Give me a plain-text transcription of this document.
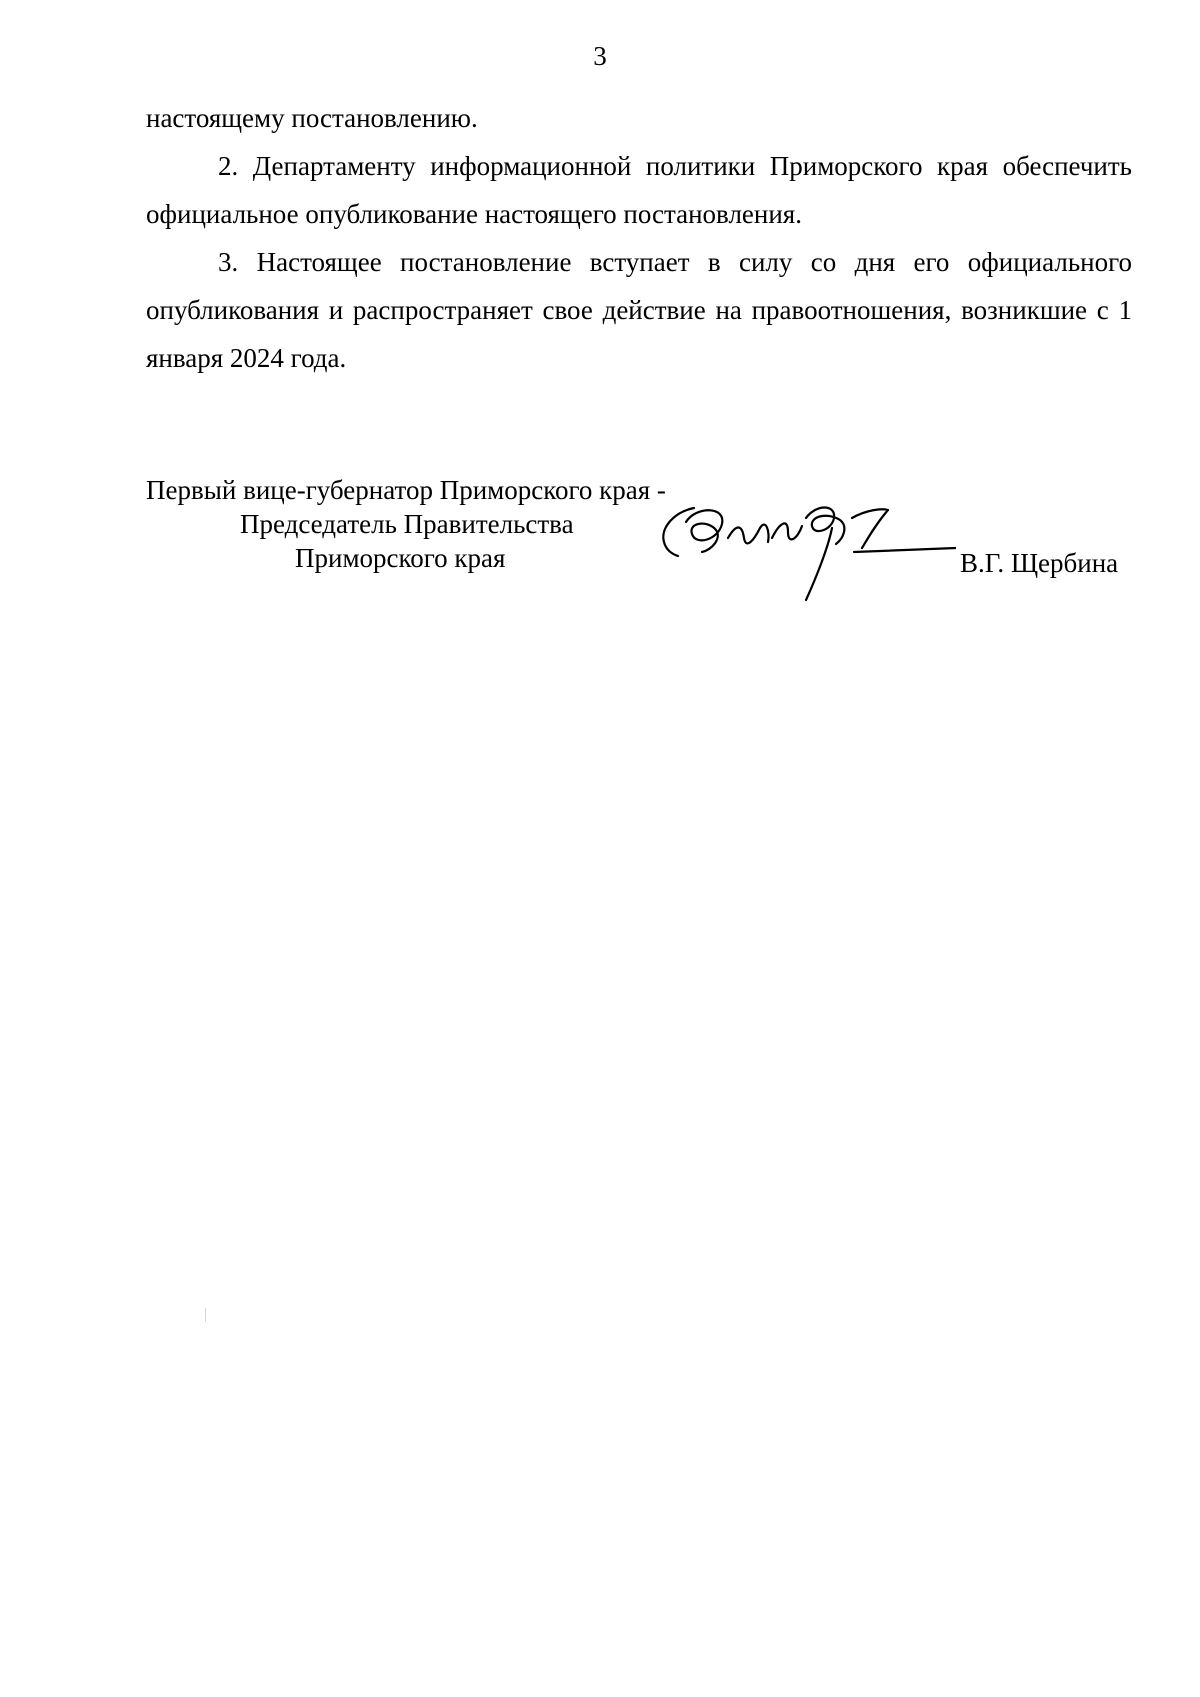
3

настоящему постановлению.

2. Департаменту информационной политики Приморского края обеспечить официальное опубликование настоящего постановления.

3. Настоящее постановление вступает в силу со дня его официального опубликования и распространяет свое действие на правоотношения, возникшие с 1 января 2024 года.

Первый вице-губернатор Приморского края -
Председатель Правительства
Приморского края	В.Г. Щербина
